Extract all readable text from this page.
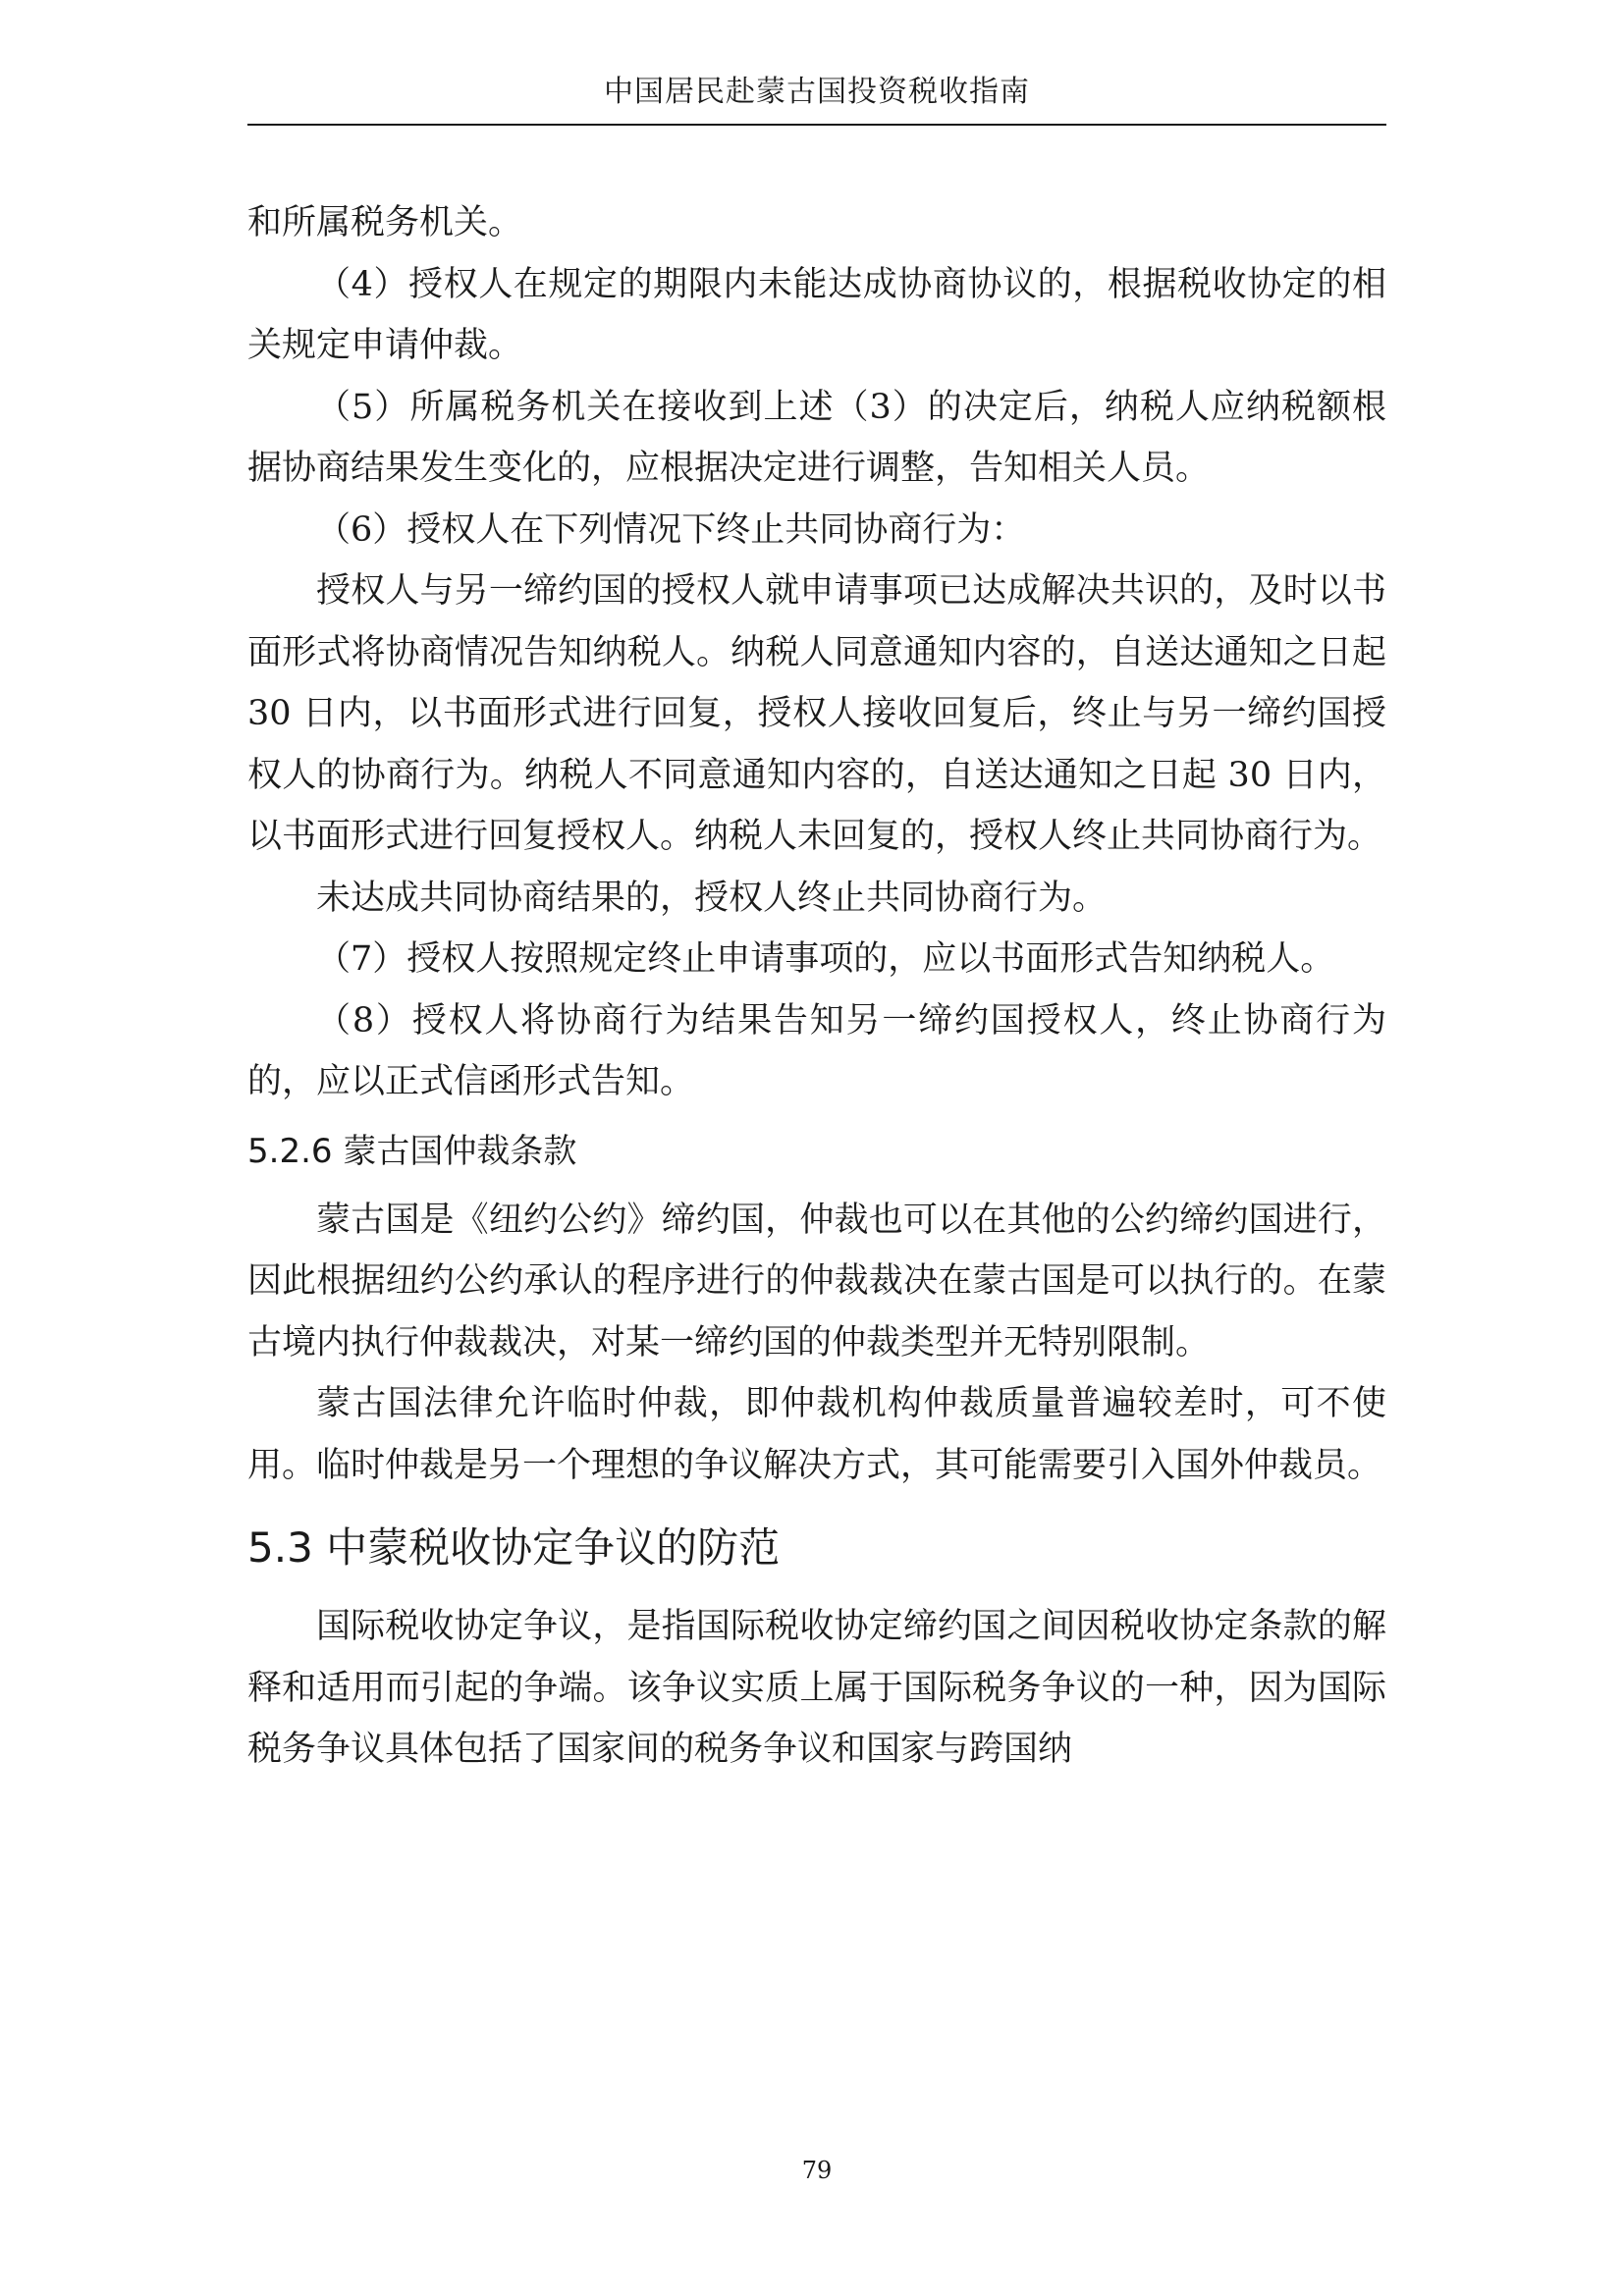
中国居民赴蒙古国投资税收指南

和所属税务机关。

（4）授权人在规定的期限内未能达成协商协议的，根据税收协定的相关规定申请仲裁。

（5）所属税务机关在接收到上述（3）的决定后，纳税人应纳税额根据协商结果发生变化的，应根据决定进行调整，告知相关人员。

（6）授权人在下列情况下终止共同协商行为：

授权人与另一缔约国的授权人就申请事项已达成解决共识的，及时以书面形式将协商情况告知纳税人。纳税人同意通知内容的，自送达通知之日起 30 日内，以书面形式进行回复，授权人接收回复后，终止与另一缔约国授权人的协商行为。纳税人不同意通知内容的，自送达通知之日起 30 日内，以书面形式进行回复授权人。纳税人未回复的，授权人终止共同协商行为。

未达成共同协商结果的，授权人终止共同协商行为。

（7）授权人按照规定终止申请事项的，应以书面形式告知纳税人。

（8）授权人将协商行为结果告知另一缔约国授权人，终止协商行为的，应以正式信函形式告知。

5.2.6 蒙古国仲裁条款

蒙古国是《纽约公约》缔约国，仲裁也可以在其他的公约缔约国进行，因此根据纽约公约承认的程序进行的仲裁裁决在蒙古国是可以执行的。在蒙古境内执行仲裁裁决，对某一缔约国的仲裁类型并无特别限制。

蒙古国法律允许临时仲裁，即仲裁机构仲裁质量普遍较差时，可不使用。临时仲裁是另一个理想的争议解决方式，其可能需要引入国外仲裁员。

5.3 中蒙税收协定争议的防范

国际税收协定争议，是指国际税收协定缔约国之间因税收协定条款的解释和适用而引起的争端。该争议实质上属于国际税务争议的一种，因为国际税务争议具体包括了国家间的税务争议和国家与跨国纳

79
